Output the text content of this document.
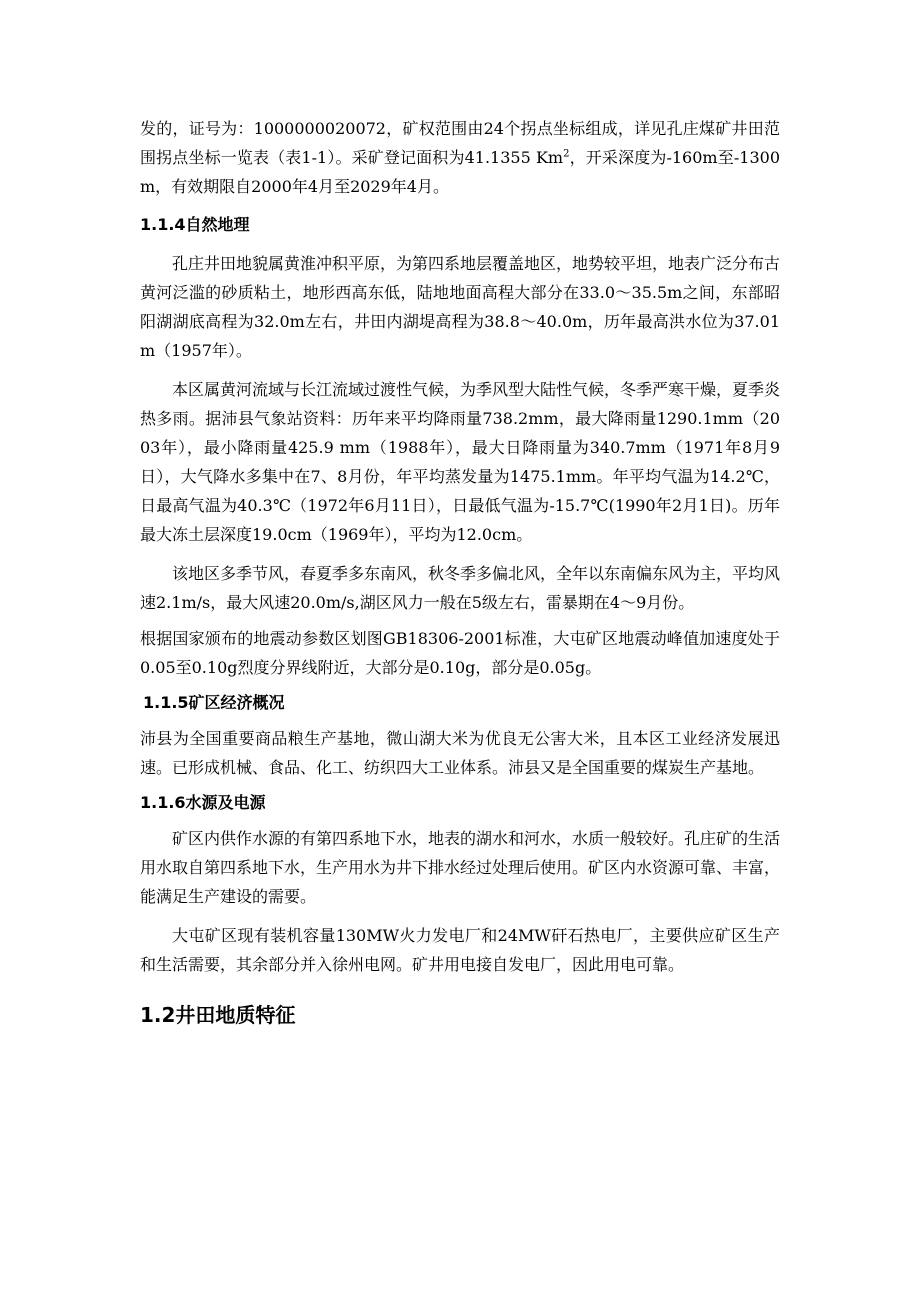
发的，证号为：1000000020072，矿权范围由24个拐点坐标组成，详见孔庄煤矿井田范围拐点坐标一览表（表1-1）。采矿登记面积为41.1355 Km$^2$，开采深度为-160m至-1300m，有效期限自2000年4月至2029年4月。

1.1.4自然地理

孔庄井田地貌属黄淮冲积平原，为第四系地层覆盖地区，地势较平坦，地表广泛分布古黄河泛滥的砂质粘土，地形西高东低，陆地地面高程大部分在33.0～35.5m之间，东部昭阳湖湖底高程为32.0m左右，井田内湖堤高程为38.8～40.0m，历年最高洪水位为37.01m（1957年）。

本区属黄河流域与长江流域过渡性气候，为季风型大陆性气候，冬季严寒干燥，夏季炎热多雨。据沛县气象站资料：历年来平均降雨量738.2mm，最大降雨量1290.1mm（2003年），最小降雨量425.9 mm（1988年），最大日降雨量为340.7mm（1971年8月9日），大气降水多集中在7、8月份，年平均蒸发量为1475.1mm。年平均气温为14.2℃，日最高气温为40.3℃（1972年6月11日），日最低气温为-15.7℃(1990年2月1日)。历年最大冻土层深度19.0cm（1969年），平均为12.0cm。

该地区多季节风，春夏季多东南风，秋冬季多偏北风，全年以东南偏东风为主，平均风速2.1m/s，最大风速20.0m/s,湖区风力一般在5级左右，雷暴期在4～9月份。

根据国家颁布的地震动参数区划图GB18306-2001标准，大屯矿区地震动峰值加速度处于0.05至0.10g烈度分界线附近，大部分是0.10g，部分是0.05g。

1.1.5矿区经济概况

沛县为全国重要商品粮生产基地，微山湖大米为优良无公害大米，且本区工业经济发展迅速。已形成机械、食品、化工、纺织四大工业体系。沛县又是全国重要的煤炭生产基地。

1.1.6水源及电源

矿区内供作水源的有第四系地下水，地表的湖水和河水，水质一般较好。孔庄矿的生活用水取自第四系地下水，生产用水为井下排水经过处理后使用。矿区内水资源可靠、丰富，能满足生产建设的需要。

大屯矿区现有装机容量130MW火力发电厂和24MW矸石热电厂，主要供应矿区生产和生活需要，其余部分并入徐州电网。矿井用电接自发电厂，因此用电可靠。

1.2井田地质特征
